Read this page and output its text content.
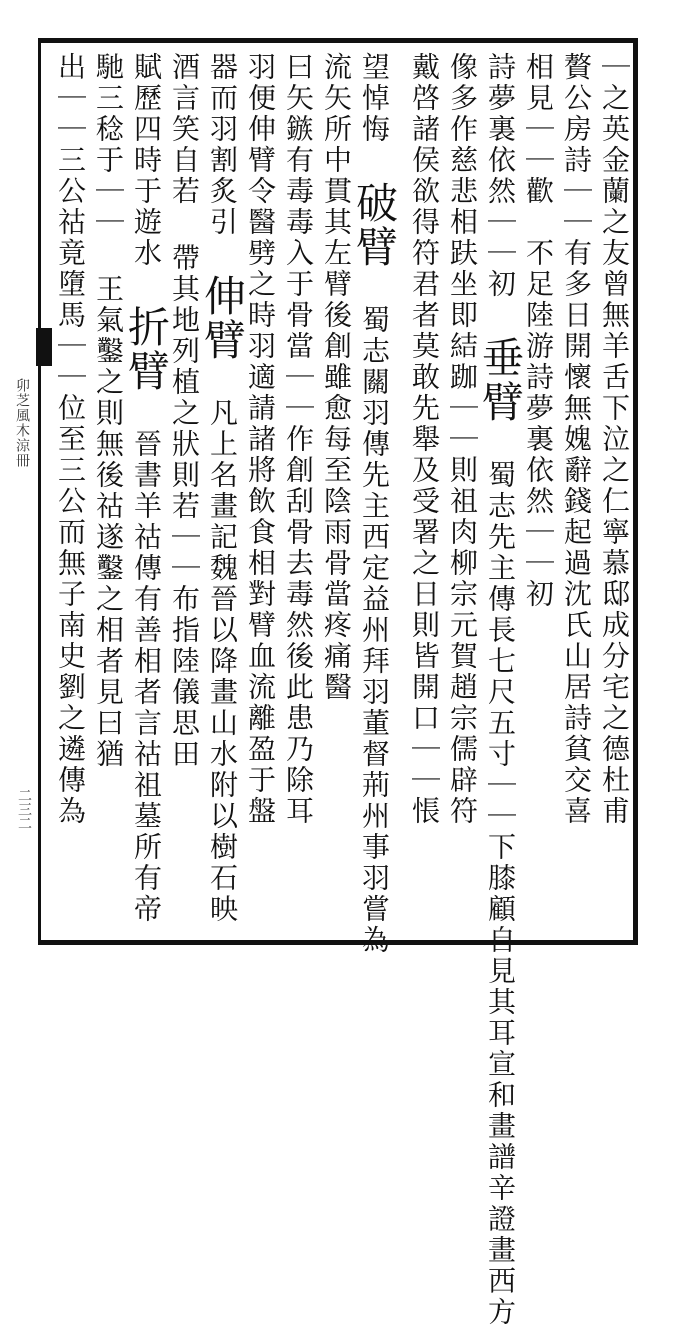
卯芝風木涼冊
二三二	｜之英金蘭之友曾無羊舌下泣之仁寧慕邸成分宅之德杜甫
贅公房詩｜｜有多日開懷無媿辭錢起過沈氏山居詩貧交喜
相見｜｜歡　不足陸游詩夢裏依然｜｜初
詩夢裏依然｜｜初 垂臂 蜀志先主傳長七尺五寸｜｜下膝顧自見其耳宣和畫譜辛證畫西方
像多作慈悲相趺坐即結跏｜｜則祖肉柳宗元賀趙宗儒辟符
戴啓諸侯欲得符君者莫敢先舉及受署之日則皆開口｜｜悵
望悼悔 破臂 蜀志關羽傳先主西定益州拜羽董督荊州事羽嘗為
流矢所中貫其左臂後創雖愈每至陰雨骨當疼痛醫
曰矢鏃有毒毒入于骨當｜｜作創刮骨去毒然後此患乃除耳
羽便伸臂令醫劈之時羽適請諸將飲食相對臂血流離盈于盤
器而羽割炙引 伸臂 凡上名畫記魏晉以降畫山水附以樹石映
酒言笑自若 帶其地列植之狀則若｜｜布指陸儀思田
賦歷四時于遊水 折臂 晉書羊祜傳有善相者言祜祖墓所有帝
馳三稔于｜｜ 王氣鑿之則無後祜遂鑿之相者見曰猶
出｜｜三公祜竟墮馬｜｜位至三公而無子南史劉之遴傳為
